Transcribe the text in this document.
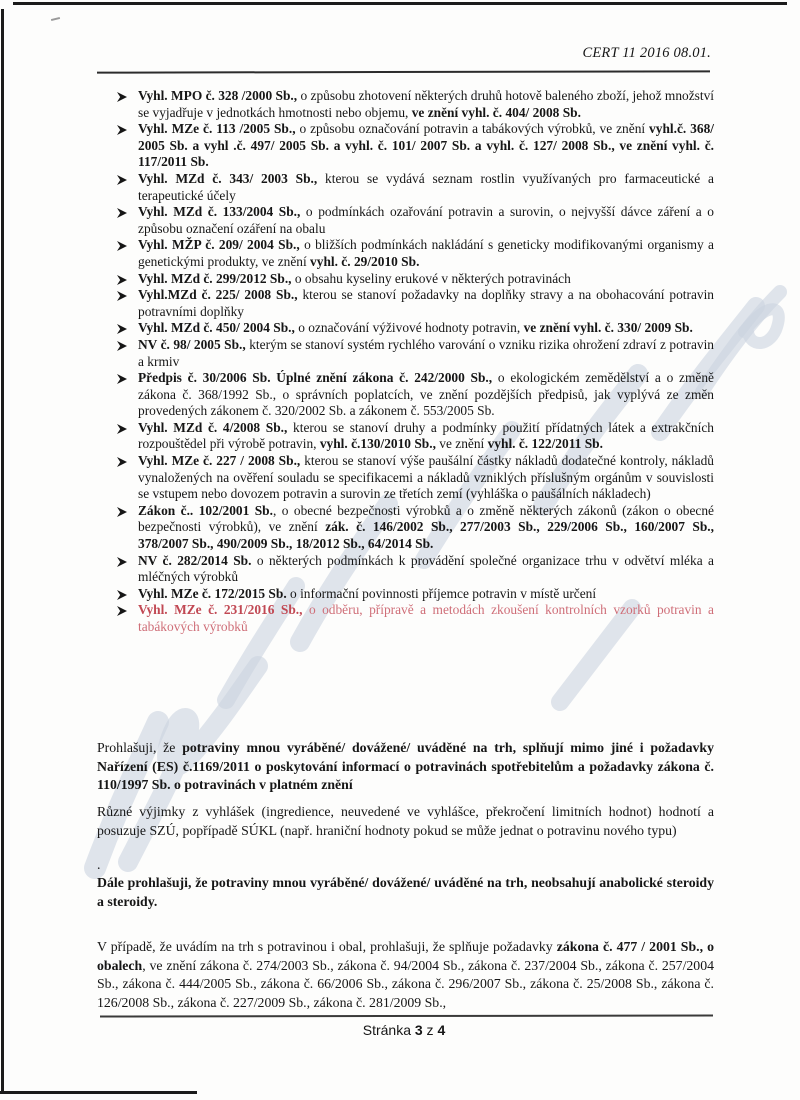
CERT 11 2016 08.01.
Vyhl. MPO č. 328 /2000 Sb., o způsobu zhotovení některých druhů hotově baleného zboží, jehož množství se vyjadřuje v jednotkách hmotnosti nebo objemu, ve znění vyhl. č. 404/ 2008 Sb.
Vyhl. MZe č. 113 /2005 Sb., o způsobu označování potravin a tabákových výrobků, ve znění vyhl.č. 368/ 2005 Sb. a vyhl .č. 497/ 2005 Sb. a vyhl. č. 101/ 2007 Sb. a vyhl. č. 127/ 2008 Sb., ve znění vyhl. č. 117/2011 Sb.
Vyhl. MZd č. 343/ 2003 Sb., kterou se vydává seznam rostlin využívaných pro farmaceutické a terapeutické účely
Vyhl. MZd č. 133/2004 Sb., o podmínkách ozařování potravin a surovin, o nejvyšší dávce záření a o způsobu označení ozáření na obalu
Vyhl. MŽP č. 209/ 2004 Sb., o bližších podmínkách nakládání s geneticky modifikovanými organismy a genetickými produkty, ve znění vyhl. č. 29/2010 Sb.
Vyhl. MZd č. 299/2012 Sb., o obsahu kyseliny erukové v některých potravinách
Vyhl.MZd č. 225/ 2008 Sb., kterou se stanoví požadavky na doplňky stravy a na obohacování potravin potravními doplňky
Vyhl. MZd č. 450/ 2004 Sb., o označování výživové hodnoty potravin, ve znění vyhl. č. 330/ 2009 Sb.
NV č. 98/ 2005 Sb., kterým se stanoví systém rychlého varování o vzniku rizika ohrožení zdraví z potravin a krmiv
Předpis č. 30/2006 Sb. Úplné znění zákona č. 242/2000 Sb., o ekologickém zemědělství a o změně zákona č. 368/1992 Sb., o správních poplatcích, ve znění pozdějších předpisů, jak vyplývá ze změn provedených zákonem č. 320/2002 Sb. a zákonem č. 553/2005 Sb.
Vyhl. MZd č. 4/2008 Sb., kterou se stanoví druhy a podmínky použití přídatných látek a extrakčních rozpouštědel při výrobě potravin, vyhl. č.130/2010 Sb., ve znění vyhl. č. 122/2011 Sb.
Vyhl. MZe č. 227 / 2008 Sb., kterou se stanoví výše paušální částky nákladů dodatečné kontroly, nákladů vynaložených na ověření souladu se specifikacemi a nákladů vzniklých příslušným orgánům v souvislosti se vstupem nebo dovozem potravin a surovin ze třetích zemí (vyhláška o paušálních nákladech)
Zákon č.. 102/2001 Sb., o obecné bezpečnosti výrobků a o změně některých zákonů (zákon o obecné bezpečnosti výrobků), ve znění zák. č. 146/2002 Sb., 277/2003 Sb., 229/2006 Sb., 160/2007 Sb., 378/2007 Sb., 490/2009 Sb., 18/2012 Sb., 64/2014 Sb.
NV č. 282/2014 Sb. o některých podmínkách k provádění společné organizace trhu v odvětví mléka a mléčných výrobků
Vyhl. MZe č. 172/2015 Sb. o informační povinnosti příjemce potravin v místě určení
Vyhl. MZe č. 231/2016 Sb., o odběru, přípravě a metodách zkoušení kontrolních vzorků potravin a tabákových výrobků

Prohlašuji, že potraviny mnou vyráběné/ dovážené/ uváděné na trh, splňují mimo jiné i požadavky Nařízení (ES) č.1169/2011 o poskytování informací o potravinách spotřebitelům a požadavky zákona č. 110/1997 Sb. o potravinách v platném znění

Různé výjimky z vyhlášek (ingredience, neuvedené ve vyhlášce, překročení limitních hodnot) hodnotí a posuzuje SZÚ, popřípadě SÚKL (např. hraniční hodnoty pokud se může jednat o potravinu nového typu)

.

Dále prohlašuji, že potraviny mnou vyráběné/ dovážené/ uváděné na trh, neobsahují anabolické steroidy a steroidy.

V případě, že uvádím na trh s potravinou i obal, prohlašuji, že splňuje požadavky zákona č. 477 / 2001 Sb., o obalech, ve znění zákona č. 274/2003 Sb., zákona č. 94/2004 Sb., zákona č. 237/2004 Sb., zákona č. 257/2004 Sb., zákona č. 444/2005 Sb., zákona č. 66/2006 Sb., zákona č. 296/2007 Sb., zákona č. 25/2008 Sb., zákona č. 126/2008 Sb., zákona č. 227/2009 Sb., zákona č. 281/2009 Sb.,

Stránka 3 z 4
